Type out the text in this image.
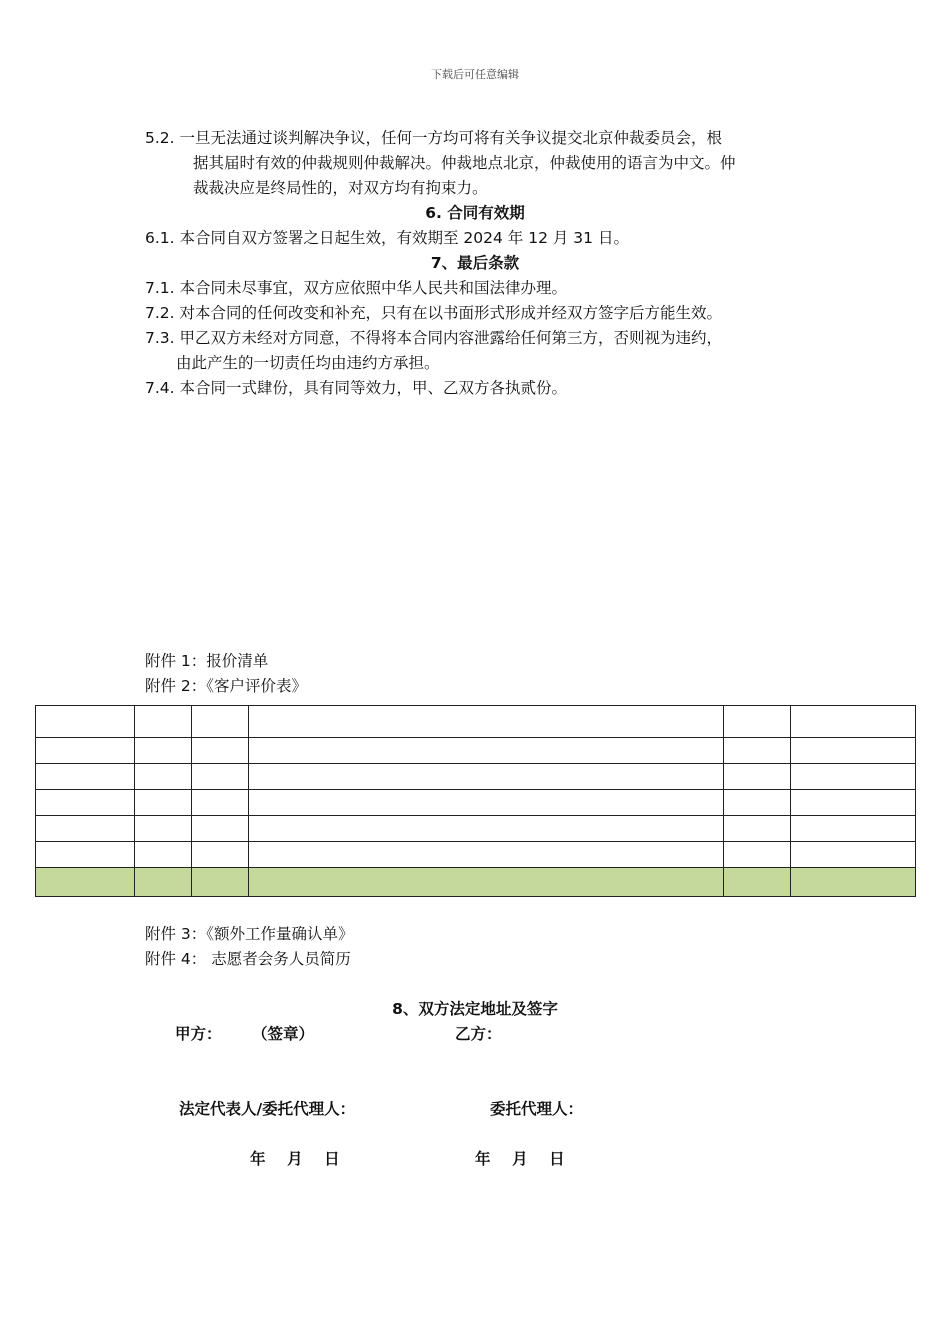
下载后可任意编辑
5.2. 一旦无法通过谈判解决争议，任何一方均可将有关争议提交北京仲裁委员会，根
据其届时有效的仲裁规则仲裁解决。仲裁地点北京，仲裁使用的语言为中文。仲
裁裁决应是终局性的，对双方均有拘束力。
6. 合同有效期
6.1. 本合同自双方签署之日起生效，有效期至 2024 年 12 月 31 日。
7、最后条款
7.1. 本合同未尽事宜，双方应依照中华人民共和国法律办理。
7.2. 对本合同的任何改变和补充，只有在以书面形式形成并经双方签字后方能生效。
7.3. 甲乙双方未经对方同意，不得将本合同内容泄露给任何第三方，否则视为违约，
由此产生的一切责任均由违约方承担。
7.4. 本合同一式肆份，具有同等效力，甲、乙双方各执贰份。
附件 1：报价清单
附件 2：《客户评价表》

附件 3：《额外工作量确认单》
附件 4： 志愿者会务人员简历
8、双方法定地址及签字
甲方： （签章）	乙方：
法定代表人/委托代理人：	委托代理人：
年    月    日	年    月    日
